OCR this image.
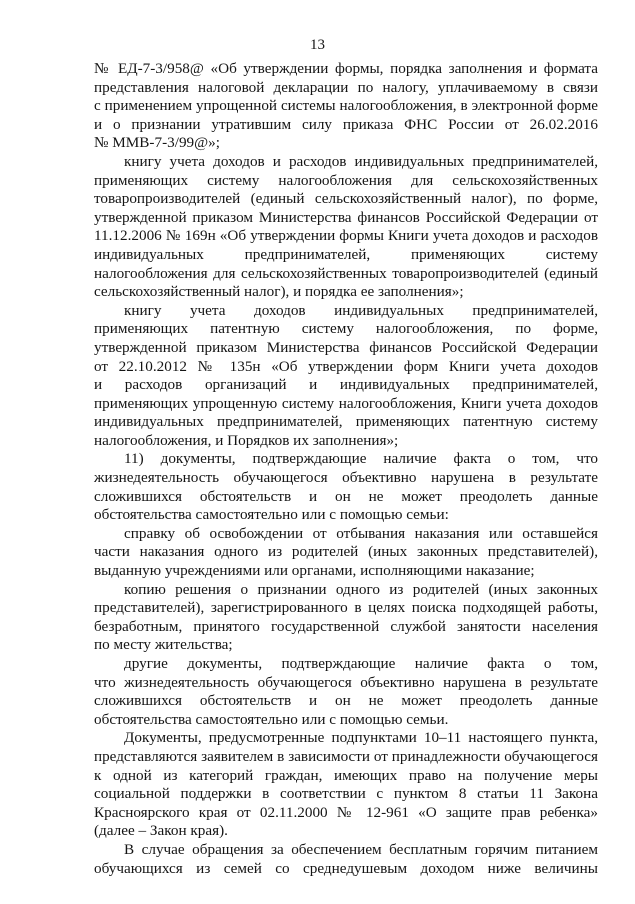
13

№ ЕД-7-3/958@ «Об утверждении формы, порядка заполнения и формата

представления налоговой декларации по налогу, уплачиваемому в связи

с применением упрощенной системы налогообложения, в электронной форме

и о признании утратившим силу приказа ФНС России от 26.02.2016

№ ММВ-7-3/99@»;

книгу учета доходов и расходов индивидуальных предпринимателей,

применяющих систему налогообложения для сельскохозяйственных

товаропроизводителей (единый сельскохозяйственный налог), по форме,

утвержденной приказом Министерства финансов Российской Федерации от

11.12.2006 № 169н «Об утверждении формы Книги учета доходов и расходов

индивидуальных предпринимателей, применяющих систему

налогообложения для сельскохозяйственных товаропроизводителей (единый

сельскохозяйственный налог), и порядка ее заполнения»;

книгу учета доходов индивидуальных предпринимателей,

применяющих патентную систему налогообложения, по форме,

утвержденной приказом Министерства финансов Российской Федерации

от 22.10.2012 № 135н «Об утверждении форм Книги учета доходов

и расходов организаций и индивидуальных предпринимателей,

применяющих упрощенную систему налогообложения, Книги учета доходов

индивидуальных предпринимателей, применяющих патентную систему

налогообложения, и Порядков их заполнения»;

11) документы, подтверждающие наличие факта о том, что

жизнедеятельность обучающегося объективно нарушена в результате

сложившихся обстоятельств и он не может преодолеть данные

обстоятельства самостоятельно или с помощью семьи:

справку об освобождении от отбывания наказания или оставшейся

части наказания одного из родителей (иных законных представителей),

выданную учреждениями или органами, исполняющими наказание;

копию решения о признании одного из родителей (иных законных

представителей), зарегистрированного в целях поиска подходящей работы,

безработным, принятого государственной службой занятости населения

по месту жительства;

другие документы, подтверждающие наличие факта о том,

что жизнедеятельность обучающегося объективно нарушена в результате

сложившихся обстоятельств и он не может преодолеть данные

обстоятельства самостоятельно или с помощью семьи.

Документы, предусмотренные подпунктами 10–11 настоящего пункта,

представляются заявителем в зависимости от принадлежности обучающегося

к одной из категорий граждан, имеющих право на получение меры

социальной поддержки в соответствии с пунктом 8 статьи 11 Закона

Красноярского края от 02.11.2000 № 12-961 «О защите прав ребенка»

(далее – Закон края).

В случае обращения за обеспечением бесплатным горячим питанием

обучающихся из семей со среднедушевым доходом ниже величины
